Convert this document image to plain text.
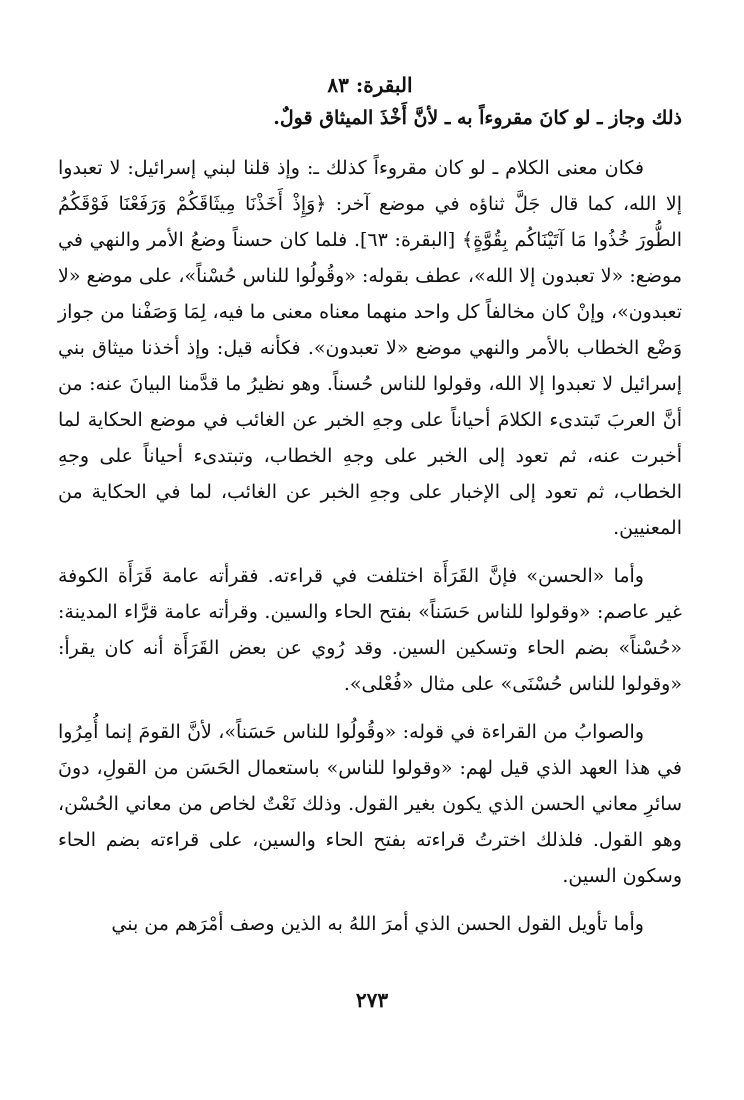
البقرة: ٨٣

ذلك وجاز ـ لو كانَ مقروءاً به ـ لأنَّ أَخْذَ الميثاق قولٌ.

فكان معنى الكلام ـ لو كان مقروءاً كذلك ـ: وإذ قلنا لبني إسرائيل: لا تعبدوا إلا الله، كما قال جَلَّ ثناؤه في موضع آخر: ﴿وَإِذْ أَخَذْنَا مِيثَاقَكُمْ وَرَفَعْنَا فَوْقَكُمُ الطُّورَ خُذُوا مَا آتَيْنَاكُم بِقُوَّةٍ﴾ [البقرة: ٦٣]. فلما كان حسناً وضعُ الأمر والنهي في موضع: «لا تعبدون إلا الله»، عطف بقوله: «وقُولُوا للناس حُسْناً»، على موضع «لا تعبدون»، وإنْ كان مخالفاً كل واحد منهما معناه معنى ما فيه، لِمَا وَصَفْنا من جواز وَضْع الخطاب بالأمر والنهي موضع «لا تعبدون». فكأنه قيل: وإذ أخذنا ميثاق بني إسرائيل لا تعبدوا إلا الله، وقولوا للناس حُسناً. وهو نظيرُ ما قدَّمنا البيانَ عنه: من أنَّ العربَ تَبتدىء الكلامَ أحياناً على وجهِ الخبر عن الغائب في موضع الحكاية لما أخبرت عنه، ثم تعود إلى الخبر على وجهِ الخطاب، وتبتدىء أحياناً على وجهِ الخطاب، ثم تعود إلى الإخبار على وجهِ الخبر عن الغائب، لما في الحكاية من المعنيين.

وأما «الحسن» فإنَّ القَرَأَة اختلفت في قراءته. فقرأته عامة قَرَأَة الكوفة غير عاصم: «وقولوا للناس حَسَناً» بفتح الحاء والسين. وقرأته عامة قرَّاء المدينة: «حُسْناً» بضم الحاء وتسكين السين. وقد رُوي عن بعض القَرَأَة أنه كان يقرأ: «وقولوا للناس حُسْنَى» على مثال «فُعْلى».

والصوابُ من القراءة في قوله: «وقُولُوا للناس حَسَناً»، لأنَّ القومَ إنما أُمِرُوا في هذا العهد الذي قيل لهم: «وقولوا للناس» باستعمال الحَسَن من القولِ، دونَ سائرِ معاني الحسن الذي يكون بغير القول. وذلك نَعْتٌ لخاص من معاني الحُسْن، وهو القول. فلذلك اخترتُ قراءته بفتح الحاء والسين، على قراءته بضم الحاء وسكون السين.

وأما تأويل القول الحسن الذي أمرَ اللهُ به الذين وصف أمْرَهم من بني

٢٧٣
